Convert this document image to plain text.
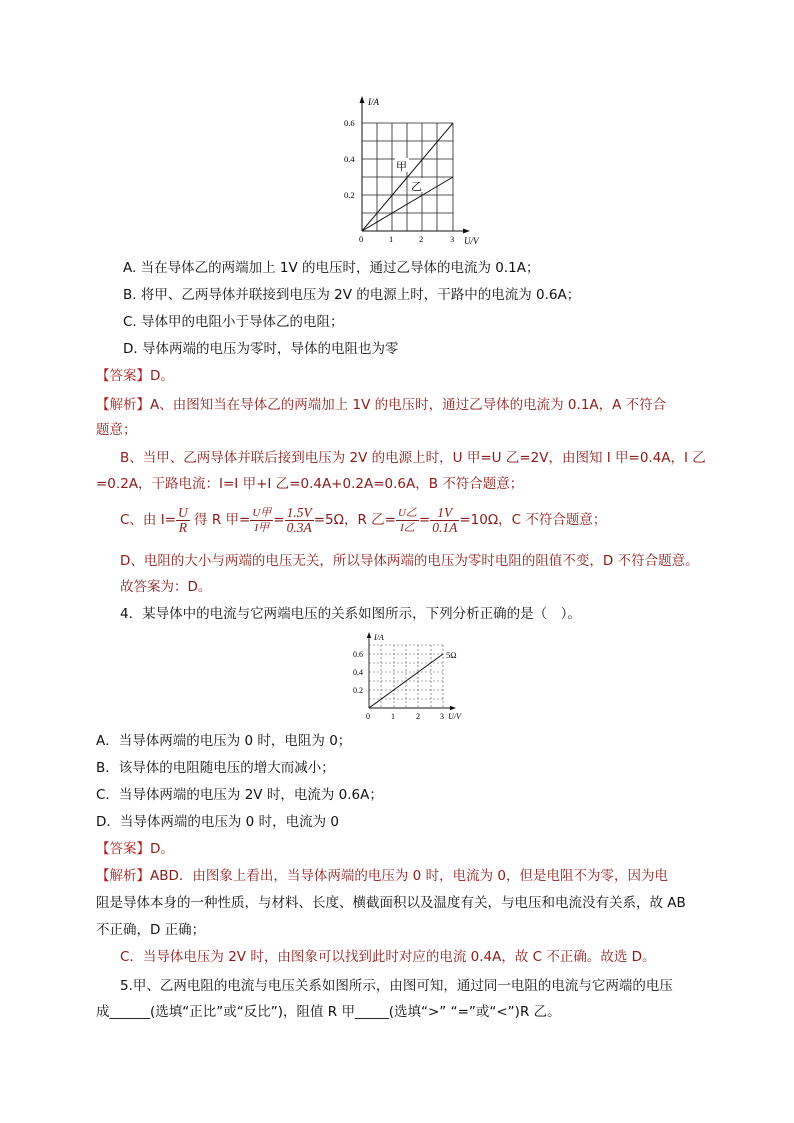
甲
乙
I/A
U/V
0.6
0.4
0.2
0	1	2	3
A. 当在导体乙的两端加上 1V 的电压时，通过乙导体的电流为 0.1A；
B. 将甲、乙两导体并联接到电压为 2V 的电源上时，干路中的电流为 0.6A；
C. 导体甲的电阻小于导体乙的电阻；
D. 导体两端的电压为零时，导体的电阻也为零
【答案】D。
【解析】A、由图知当在导体乙的两端加上 1V 的电压时，通过乙导体的电流为 0.1A，A 不符合
题意；
B、当甲、乙两导体并联后接到电压为 2V 的电源上时，U 甲=U 乙=2V，由图知 I 甲=0.4A，I 乙
=0.2A，干路电流：I=I 甲+I 乙=0.4A+0.2A=0.6A，B 不符合题意；
C、由 $I= \frac{U}{R}$ 得 R 甲= $\frac{\text{U甲}}{\text{I甲}} = \frac{1.5V}{0.3A} =5\Omega$，R 乙= $\frac{\text{U乙}}{\text{I乙}} = \frac{1V}{0.1A} =10\Omega$，C 不符合题意；
D、电阻的大小与两端的电压无关，所以导体两端的电压为零时电阻的阻值不变，D 不符合题意。
故答案为：D。
4．某导体中的电流与它两端电压的关系如图所示，下列分析正确的是（　）。
5Ω
I/A
U/V
0.6
0.4
0.2
0	1	2	3
A．当导体两端的电压为 0 时，电阻为 0；
B．该导体的电阻随电压的增大而减小；
C．当导体两端的电压为 2V 时，电流为 0.6A；
D．当导体两端的电压为 0 时，电流为 0
【答案】D。
【解析】ABD．由图象上看出，当导体两端的电压为 0 时，电流为 0，但是电阻不为零，因为电
阻是导体本身的一种性质，与材料、长度、横截面积以及温度有关，与电压和电流没有关系，故 AB
不正确，D 正确；
C．当导体电压为 2V 时，由图象可以找到此时对应的电流 0.4A，故 C 不正确。故选 D。
5.甲、乙两电阻的电流与电压关系如图所示，由图可知，通过同一电阻的电流与它两端的电压
成______(选填“正比”或“反比”)，阻值 R 甲_____(选填“>” “=”或“<”)R 乙。
